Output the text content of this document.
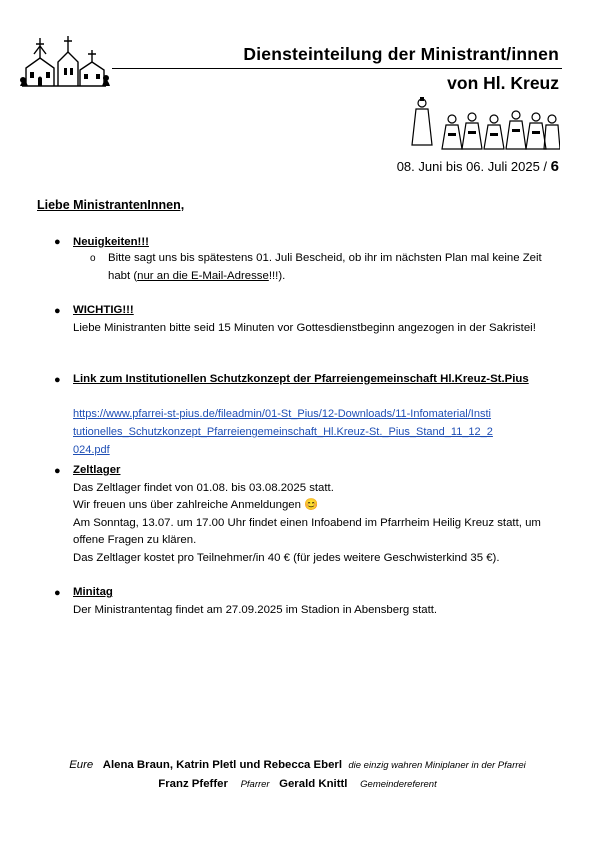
Diensteinteilung der Ministrant/innen
von Hl. Kreuz
08. Juni bis 06. Juli 2025 / 6
Liebe MinistrantenInnen,
● Neuigkeiten!!!
o Bitte sagt uns bis spätestens 01. Juli Bescheid, ob ihr im nächsten Plan mal keine Zeit habt (nur an die E-Mail-Adresse!!!).
● WICHTIG!!!
Liebe Ministranten bitte seid 15 Minuten vor Gottesdienstbeginn angezogen in der Sakristei!
● Link zum Institutionellen Schutzkonzept der Pfarreiengemeinschaft Hl.Kreuz-St.Pius
https://www.pfarrei-st-pius.de/fileadmin/01-St_Pius/12-Downloads/11-Infomaterial/Institutionelles_Schutzkonzept_Pfarreiengemeinschaft_Hl.Kreuz-St._Pius_Stand_11_12_2024.pdf
● Zeltlager
Das Zeltlager findet von 01.08. bis 03.08.2025 statt.
Wir freuen uns über zahlreiche Anmeldungen 😊
Am Sonntag, 13.07. um 17.00 Uhr findet einen Infoabend im Pfarrheim Heilig Kreuz statt, um offene Fragen zu klären.
Das Zeltlager kostet pro Teilnehmer/in 40 € (für jedes weitere Geschwisterkind 35 €).
● Minitag
Der Ministrantentag findet am 27.09.2025 im Stadion in Abensberg statt.
Eure Alena Braun, Katrin Pletl und Rebecca Eberl die einzig wahren Miniplaner in der Pfarrei
Franz Pfeffer Pfarrer Gerald Knittl Gemeindereferent
